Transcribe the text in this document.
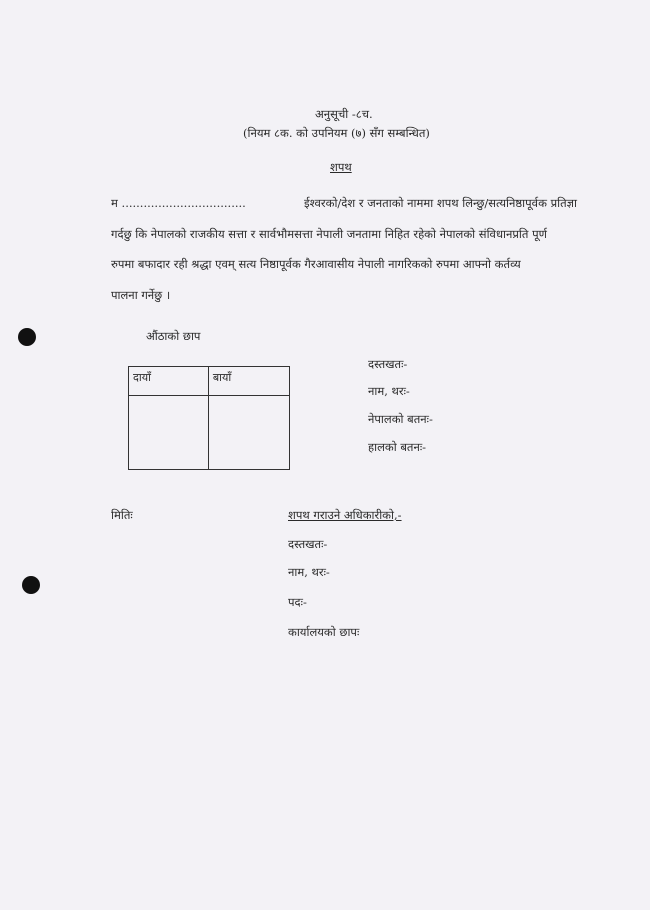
अनुसूची -८च.
(नियम ८क. को उपनियम (७) सँग सम्बन्धित)
शपथ
म ..................................	ईश्वरको/देश र जनताको नाममा शपथ लिन्छु/सत्यनिष्ठापूर्वक प्रतिज्ञा
गर्दछु कि नेपालको राजकीय सत्ता र सार्वभौमसत्ता नेपाली जनतामा निहित रहेको नेपालको संविधानप्रति पूर्ण
रुपमा बफादार रही श्रद्धा एवम् सत्य निष्ठापूर्वक गैरआवासीय नेपाली नागरिकको रुपमा आफ्नो कर्तव्य
पालना गर्नेछु ।
औंठाको छाप
दायाँ	बायाँ

दस्तखतः-
नाम, थरः-
नेपालको बतनः-
हालको बतनः-
मितिः	शपथ गराउने अधिकारीको,-
दस्तखतः-
नाम, थरः-
पदः-
कार्यालयको छापः
